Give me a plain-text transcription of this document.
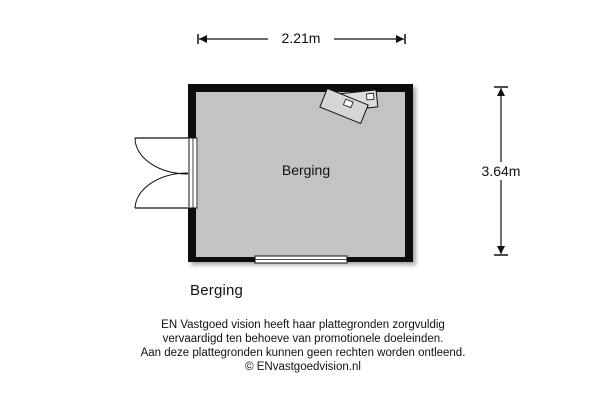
2.21m
3.64m
Berging
Berging
EN Vastgoed vision heeft haar plattegronden zorgvuldig
vervaardigd ten behoeve van promotionele doeleinden.
Aan deze plattegronden kunnen geen rechten worden ontleend.
© ENvastgoedvision.nl
